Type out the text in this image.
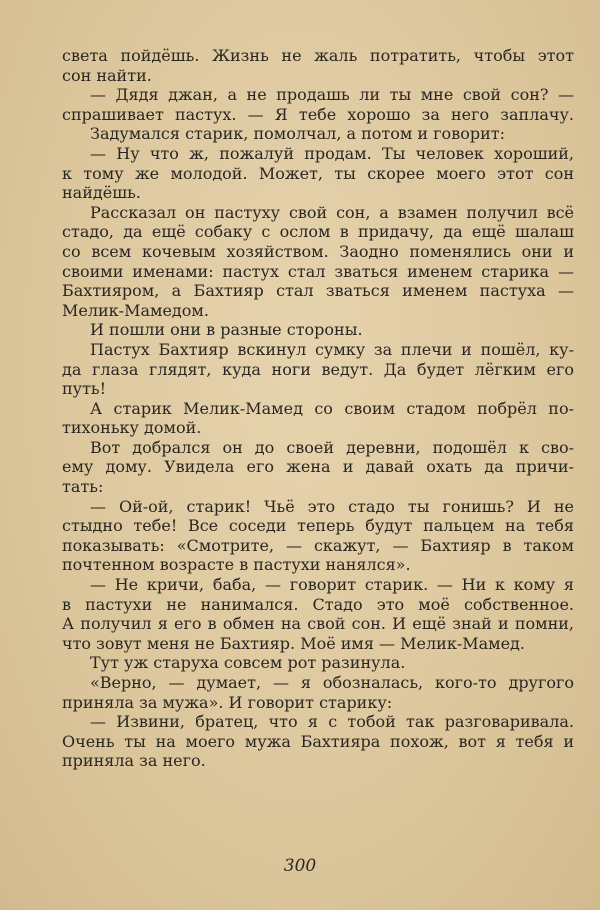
света пойдёшь. Жизнь не жаль потратить, чтобы этот
сон найти.
— Дядя джан, а не продашь ли ты мне свой сон? —
спрашивает пастух. — Я тебе хорошо за него заплачу.
Задумался старик, помолчал, а потом и говорит:
— Ну что ж, пожалуй продам. Ты человек хороший,
к тому же молодой. Может, ты скорее моего этот сон
найдёшь.
Рассказал он пастуху свой сон, а взамен получил всё
стадо, да ещё собаку с ослом в придачу, да ещё шалаш
со всем кочевым хозяйством. Заодно поменялись они и
своими именами: пастух стал зваться именем старика —
Бахтияром, а Бахтияр стал зваться именем пастуха —
Мелик-Мамедом.
И пошли они в разные стороны.
Пастух Бахтияр вскинул сумку за плечи и пошёл, ку-
да глаза глядят, куда ноги ведут. Да будет лёгким его
путь!
А старик Мелик-Мамед со своим стадом побрёл по-
тихоньку домой.
Вот добрался он до своей деревни, подошёл к сво-
ему дому. Увидела его жена и давай охать да причи-
тать:
— Ой-ой, старик! Чьё это стадо ты гонишь? И не
стыдно тебе! Все соседи теперь будут пальцем на тебя
показывать: «Смотрите, — скажут, — Бахтияр в таком
почтенном возрасте в пастухи нанялся».
— Не кричи, баба, — говорит старик. — Ни к кому я
в пастухи не нанимался. Стадо это моё собственное.
А получил я его в обмен на свой сон. И ещё знай и помни,
что зовут меня не Бахтияр. Моё имя — Мелик-Мамед.
Тут уж старуха совсем рот разинула.
«Верно, — думает, — я обозналась, кого-то другого
приняла за мужа». И говорит старику:
— Извини, братец, что я с тобой так разговаривала.
Очень ты на моего мужа Бахтияра похож, вот я тебя и
приняла за него.
300
